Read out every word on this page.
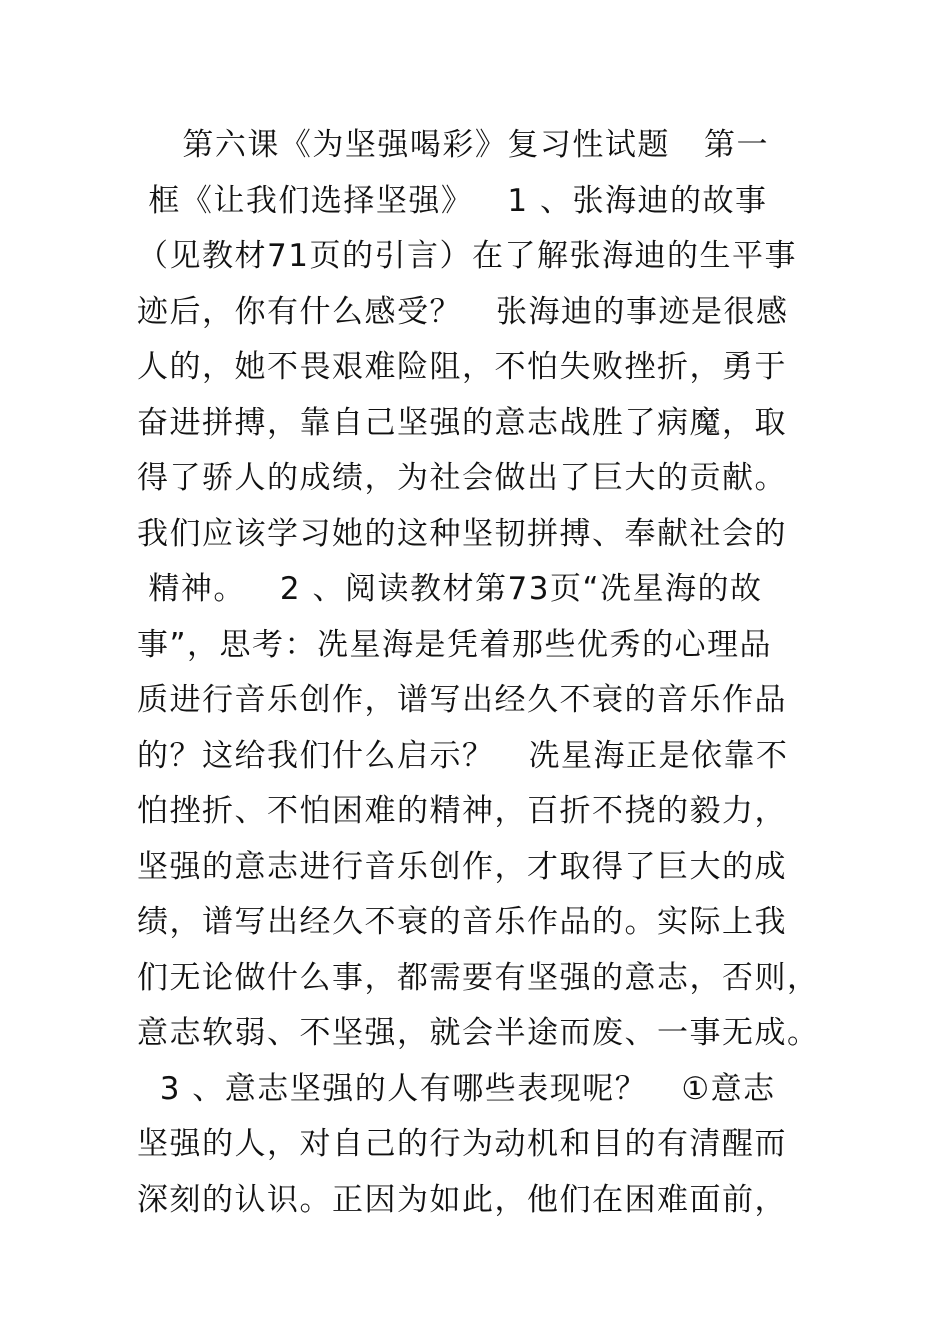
第六课《为坚强喝彩》复习性试题   第一
框《让我们选择坚强》   1 、张海迪的故事
（见教材71页的引言）在了解张海迪的生平事
迹后，你有什么感受？   张海迪的事迹是很感
人的，她不畏艰难险阻，不怕失败挫折，勇于
奋进拼搏，靠自己坚强的意志战胜了病魔，取
得了骄人的成绩，为社会做出了巨大的贡献。
我们应该学习她的这种坚韧拼搏、奉献社会的
精神。   2 、阅读教材第73页“冼星海的故
事”，思考：冼星海是凭着那些优秀的心理品
质进行音乐创作，谱写出经久不衰的音乐作品
的？这给我们什么启示？   冼星海正是依靠不
怕挫折、不怕困难的精神，百折不挠的毅力，
坚强的意志进行音乐创作，才取得了巨大的成
绩，谱写出经久不衰的音乐作品的。实际上我
们无论做什么事，都需要有坚强的意志，否则，
意志软弱、不坚强，就会半途而废、一事无成。
3 、意志坚强的人有哪些表现呢？   ①意志
坚强的人，对自己的行为动机和目的有清醒而
深刻的认识。正因为如此，他们在困难面前，
